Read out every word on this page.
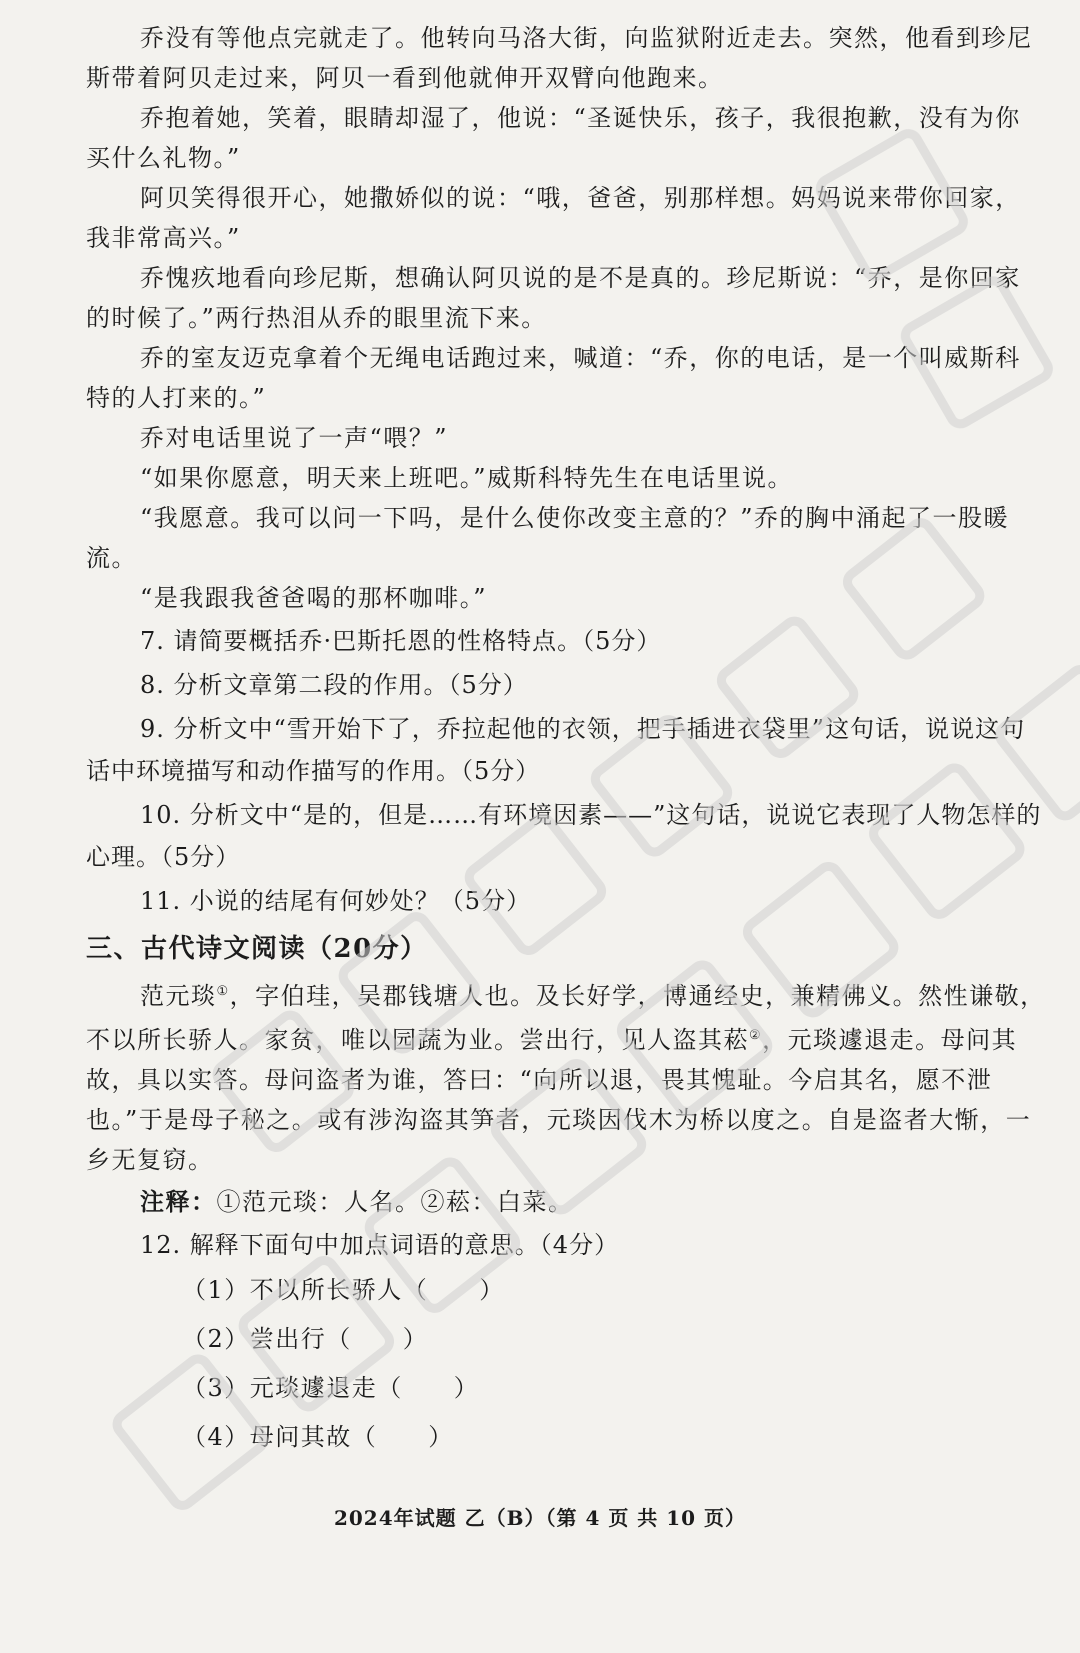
乔没有等他点完就走了。他转向马洛大街，向监狱附近走去。突然，他看到珍尼斯带着阿贝走过来，阿贝一看到他就伸开双臂向他跑来。

乔抱着她，笑着，眼睛却湿了，他说：“圣诞快乐，孩子，我很抱歉，没有为你买什么礼物。”

阿贝笑得很开心，她撒娇似的说：“哦，爸爸，别那样想。妈妈说来带你回家，我非常高兴。”

乔愧疚地看向珍尼斯，想确认阿贝说的是不是真的。珍尼斯说：“乔，是你回家的时候了。”两行热泪从乔的眼里流下来。

乔的室友迈克拿着个无绳电话跑过来，喊道：“乔，你的电话，是一个叫威斯科特的人打来的。”

乔对电话里说了一声“喂？”

“如果你愿意，明天来上班吧。”威斯科特先生在电话里说。

“我愿意。我可以问一下吗，是什么使你改变主意的？”乔的胸中涌起了一股暖流。

“是我跟我爸爸喝的那杯咖啡。”

7. 请简要概括乔·巴斯托恩的性格特点。（5分）

8. 分析文章第二段的作用。（5分）

9. 分析文中“雪开始下了，乔拉起他的衣领，把手插进衣袋里”这句话，说说这句话中环境描写和动作描写的作用。（5分）

10. 分析文中“是的，但是……有环境因素——”这句话，说说它表现了人物怎样的心理。（5分）

11. 小说的结尾有何妙处？（5分）

三、古代诗文阅读（20分）

范元琰①，字伯珪，吴郡钱塘人也。及长好学，博通经史，兼精佛义。然性谦敬，不以所长骄人。家贫，唯以园蔬为业。尝出行，见人盗其菘②，元琰遽退走。母问其故，具以实答。母问盗者为谁，答曰：“向所以退，畏其愧耻。今启其名，愿不泄也。”于是母子秘之。或有涉沟盗其笋者，元琰因伐木为桥以度之。自是盗者大惭，一乡无复窃。

注释：①范元琰：人名。②菘：白菜。

12. 解释下面句中加点词语的意思。（4分）

（1）不以所长骄人（　　）

（2）尝出行（　　）

（3）元琰遽退走（　　）

（4）母问其故（　　）

2024年试题 乙（B）（第 4 页 共 10 页）
